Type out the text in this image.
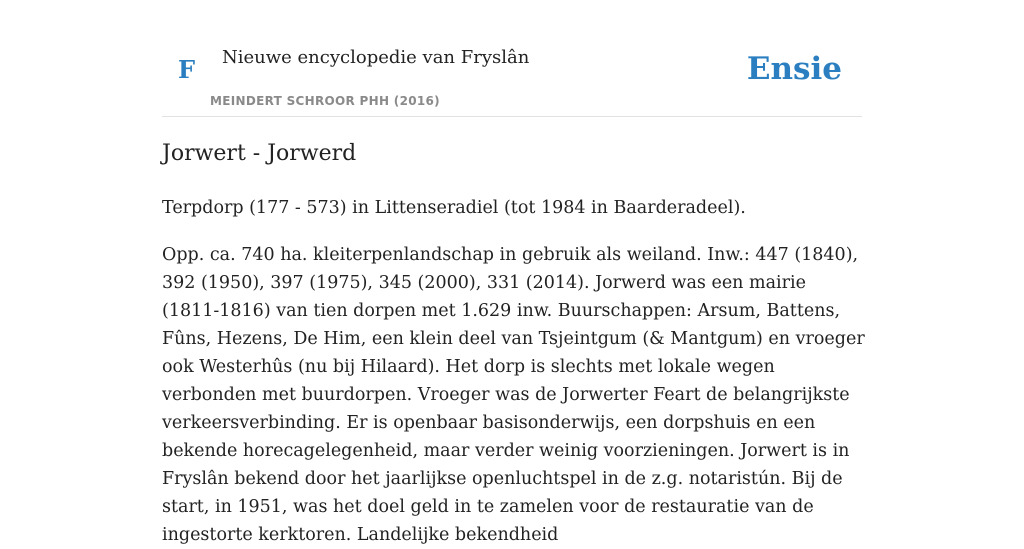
F Nieuwe encyclopedie van Fryslân
MEINDERT SCHROOR PHH (2016)
Ensie
Jorwert - Jorwerd

Terpdorp (177 - 573) in Littenseradiel (tot 1984 in Baarderadeel).

Opp. ca. 740 ha. kleiterpenlandschap in gebruik als weiland. Inw.: 447 (1840), 392 (1950), 397 (1975), 345 (2000), 331 (2014). Jorwerd was een mairie (1811-1816) van tien dorpen met 1.629 inw. Buurschappen: Arsum, Battens, Fûns, Hezens, De Him, een klein deel van Tsjeintgum (& Mantgum) en vroeger ook Westerhûs (nu bij Hilaard). Het dorp is slechts met lokale wegen verbonden met buurdorpen. Vroeger was de Jorwerter Feart de belangrijkste verkeersverbinding. Er is openbaar basisonderwijs, een dorpshuis en een bekende horecagelegenheid, maar verder weinig voorzieningen. Jorwert is in Fryslân bekend door het jaarlijkse openluchtspel in de z.g. notaristún. Bij de start, in 1951, was het doel geld in te zamelen voor de restauratie van de ingestorte kerktoren. Landelijke bekendheid
